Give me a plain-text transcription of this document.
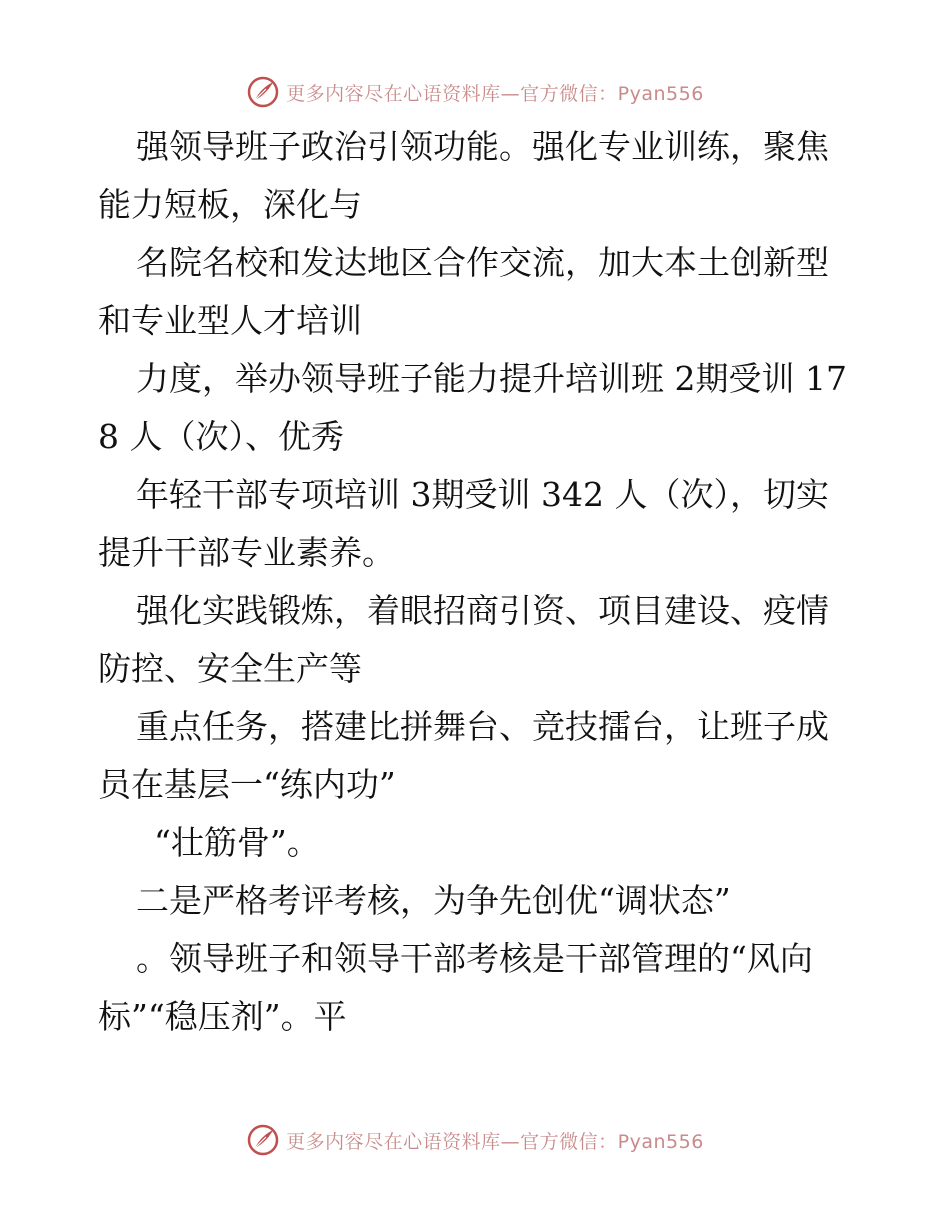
更多内容尽在心语资料库—官方微信：Pyan556

强领导班子政治引领功能。强化专业训练，聚焦能力短板，深化与

名院名校和发达地区合作交流，加大本土创新型和专业型人才培训

力度，举办领导班子能力提升培训班 2期受训 178 人（次）、优秀

年轻干部专项培训 3期受训 342 人（次），切实提升干部专业素养。

强化实践锻炼，着眼招商引资、项目建设、疫情防控、安全生产等

重点任务，搭建比拼舞台、竞技擂台，让班子成员在基层一“练内功”

“壮筋骨”。

二是严格考评考核，为争先创优“调状态”

。领导班子和领导干部考核是干部管理的“风向标”“稳压剂”。平

更多内容尽在心语资料库—官方微信：Pyan556
